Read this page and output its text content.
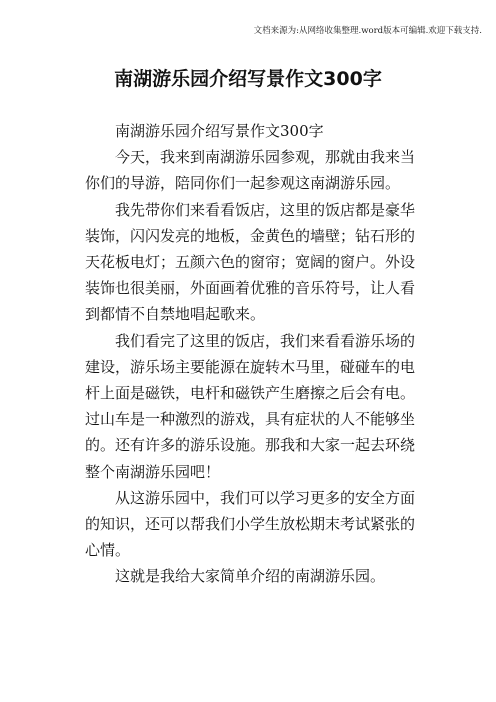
文档来源为:从网络收集整理.word版本可编辑.欢迎下载支持.
南湖游乐园介绍写景作文300字

南湖游乐园介绍写景作文300字

今天，我来到南湖游乐园参观，那就由我来当你们的导游，陪同你们一起参观这南湖游乐园。

我先带你们来看看饭店，这里的饭店都是豪华装饰，闪闪发亮的地板，金黄色的墙壁；钻石形的天花板电灯；五颜六色的窗帘；宽阔的窗户。外设装饰也很美丽，外面画着优雅的音乐符号，让人看到都情不自禁地唱起歌来。

我们看完了这里的饭店，我们来看看游乐场的建设，游乐场主要能源在旋转木马里，碰碰车的电杆上面是磁铁，电杆和磁铁产生磨擦之后会有电。过山车是一种激烈的游戏，具有症状的人不能够坐的。还有许多的游乐设施。那我和大家一起去环绕整个南湖游乐园吧！

从这游乐园中，我们可以学习更多的安全方面的知识，还可以帮我们小学生放松期末考试紧张的心情。

这就是我给大家简单介绍的南湖游乐园。
